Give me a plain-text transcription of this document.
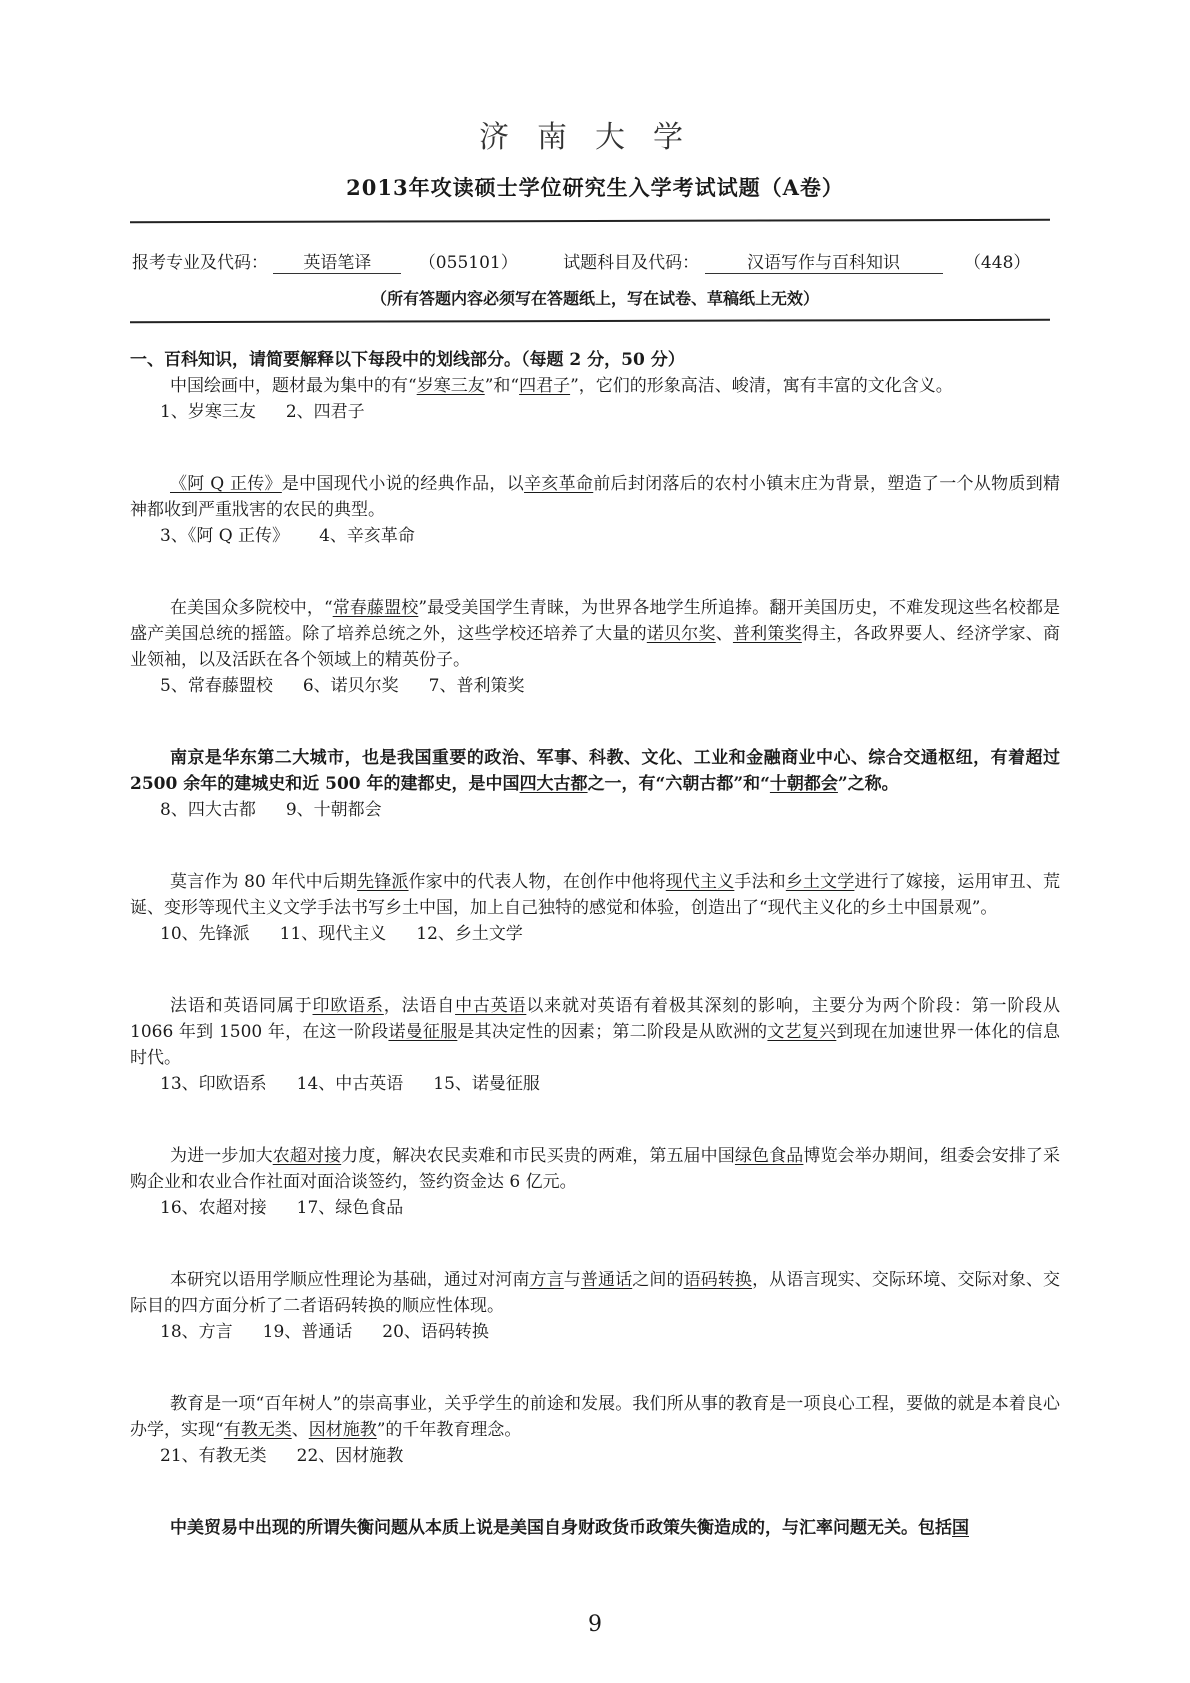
济南大学
2013年攻读硕士学位研究生入学考试试题（A卷）
报考专业及代码： 英语笔译	（055101）	试题科目及代码：	汉语写作与百科知识	（448）
（所有答题内容必须写在答题纸上，写在试卷、草稿纸上无效）

一、百科知识，请简要解释以下每段中的划线部分。（每题 2 分，50 分）

中国绘画中，题材最为集中的有“岁寒三友”和“四君子”，它们的形象高洁、峻清，寓有丰富的文化含义。

1、岁寒三友 2、四君子

《阿 Q 正传》是中国现代小说的经典作品，以辛亥革命前后封闭落后的农村小镇末庄为背景，塑造了一个从物质到精神都收到严重戕害的农民的典型。

3、《阿 Q 正传》 4、辛亥革命

在美国众多院校中，“常春藤盟校”最受美国学生青睐，为世界各地学生所追捧。翻开美国历史，不难发现这些名校都是盛产美国总统的摇篮。除了培养总统之外，这些学校还培养了大量的诺贝尔奖、普利策奖得主，各政界要人、经济学家、商业领袖，以及活跃在各个领域上的精英份子。

5、常春藤盟校 6、诺贝尔奖 7、普利策奖

南京是华东第二大城市，也是我国重要的政治、军事、科教、文化、工业和金融商业中心、综合交通枢纽，有着超过 2500 余年的建城史和近 500 年的建都史，是中国四大古都之一，有“六朝古都”和“十朝都会”之称。

8、四大古都 9、十朝都会

莫言作为 80 年代中后期先锋派作家中的代表人物，在创作中他将现代主义手法和乡土文学进行了嫁接，运用审丑、荒诞、变形等现代主义文学手法书写乡土中国，加上自己独特的感觉和体验，创造出了“现代主义化的乡土中国景观”。

10、先锋派 11、现代主义 12、乡土文学

法语和英语同属于印欧语系，法语自中古英语以来就对英语有着极其深刻的影响，主要分为两个阶段：第一阶段从 1066 年到 1500 年，在这一阶段诺曼征服是其决定性的因素；第二阶段是从欧洲的文艺复兴到现在加速世界一体化的信息时代。

13、印欧语系 14、中古英语 15、诺曼征服

为进一步加大农超对接力度，解决农民卖难和市民买贵的两难，第五届中国绿色食品博览会举办期间，组委会安排了采购企业和农业合作社面对面洽谈签约，签约资金达 6 亿元。

16、农超对接 17、绿色食品

本研究以语用学顺应性理论为基础，通过对河南方言与普通话之间的语码转换，从语言现实、交际环境、交际对象、交际目的四方面分析了二者语码转换的顺应性体现。

18、方言 19、普通话 20、语码转换

教育是一项“百年树人”的崇高事业，关乎学生的前途和发展。我们所从事的教育是一项良心工程，要做的就是本着良心办学，实现“有教无类、因材施教”的千年教育理念。

21、有教无类 22、因材施教

中美贸易中出现的所谓失衡问题从本质上说是美国自身财政货币政策失衡造成的，与汇率问题无关。包括国

9
